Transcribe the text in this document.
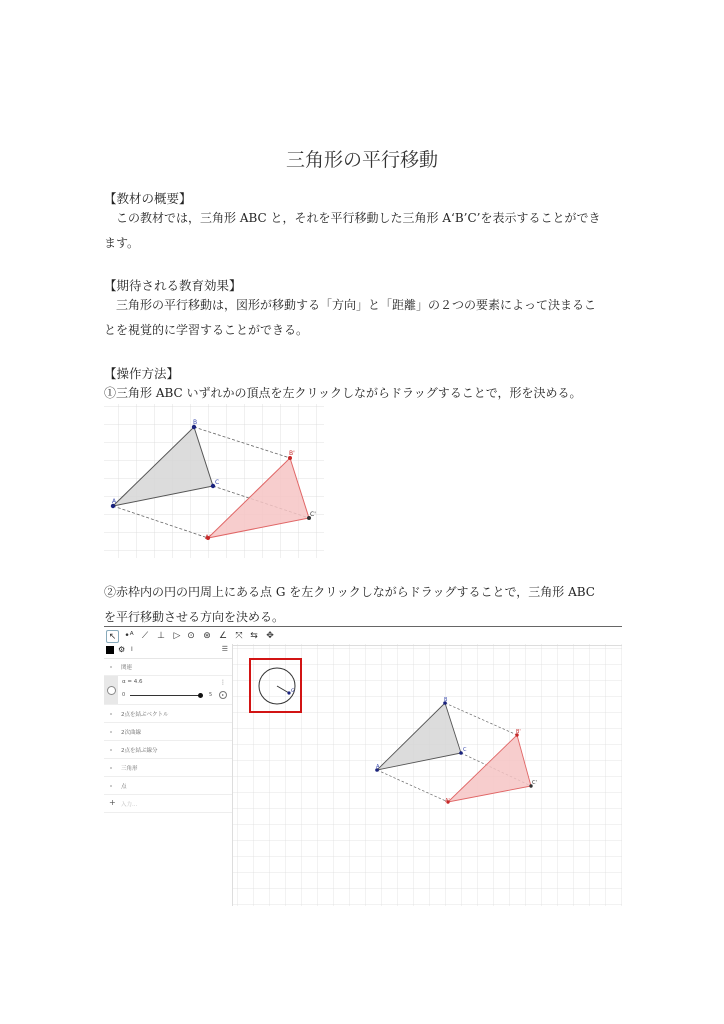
三角形の平行移動
【教材の概要】
この教材では，三角形 ABC と，それを平行移動した三角形 A‘B’C’を表示することができ
ます。
【期待される教育効果】
三角形の平行移動は，図形が移動する「方向」と「距離」の２つの要素によって決まるこ
とを視覚的に学習することができる。
【操作方法】
①三角形 ABC いずれかの頂点を左クリックしながらドラッグすることで，形を決める。
A
B
C
A'
B'
C'
②赤枠内の円の円周上にある点 G を左クリックしながらドラッグすることで，三角形 ABC
を平行移動させる方向を決める。
↖ •ᴬ ⟋ ⊥ ▷ ⊙ ⊛ ∠ ⤧ ⇆ ✥
⚙ I	☰
関連
α = 4.6	⋮
0	5	▸
2点を結ぶベクトル
2次曲線
2点を結ぶ線分
三角形
点
+ 入力...
G
A
B
C
A'
B'
C'
